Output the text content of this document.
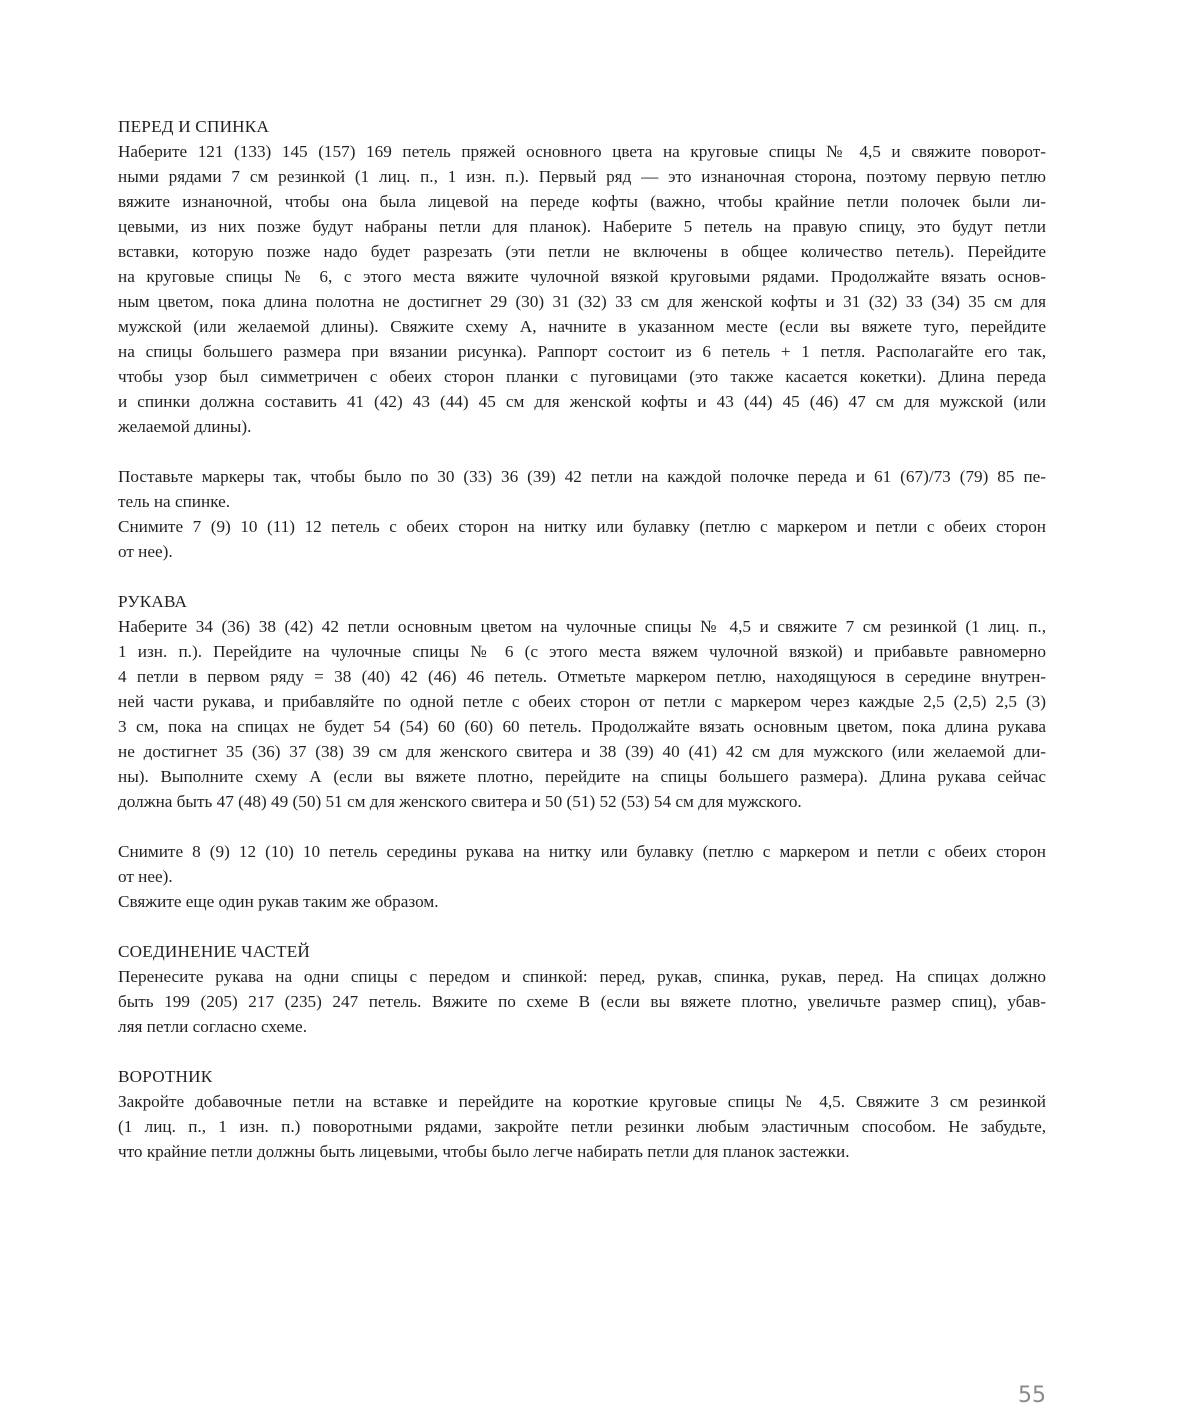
ПЕРЕД И СПИНКА

Наберите 121 (133) 145 (157) 169 петель пряжей основного цвета на круговые спицы № 4,5 и свяжите поворот-
ными рядами 7 см резинкой (1 лиц. п., 1 изн. п.). Первый ряд — это изнаночная сторона, поэтому первую петлю
вяжите изнаночной, чтобы она была лицевой на переде кофты (важно, чтобы крайние петли полочек были ли-
цевыми, из них позже будут набраны петли для планок). Наберите 5 петель на правую спицу, это будут петли
вставки, которую позже надо будет разрезать (эти петли не включены в общее количество петель). Перейдите
на круговые спицы № 6, с этого места вяжите чулочной вязкой круговыми рядами. Продолжайте вязать основ-
ным цветом, пока длина полотна не достигнет 29 (30) 31 (32) 33 см для женской кофты и 31 (32) 33 (34) 35 см для
мужской (или желаемой длины). Свяжите схему А, начните в указанном месте (если вы вяжете туго, перейдите
на спицы большего размера при вязании рисунка). Раппорт состоит из 6 петель + 1 петля. Располагайте его так,
чтобы узор был симметричен с обеих сторон планки с пуговицами (это также касается кокетки). Длина переда
и спинки должна составить 41 (42) 43 (44) 45 см для женской кофты и 43 (44) 45 (46) 47 см для мужской (или
желаемой длины).

Поставьте маркеры так, чтобы было по 30 (33) 36 (39) 42 петли на каждой полочке переда и 61 (67)/73 (79) 85 пе-
тель на спинке.
Снимите 7 (9) 10 (11) 12 петель с обеих сторон на нитку или булавку (петлю с маркером и петли с обеих сторон
от нее).

РУКАВА

Наберите 34 (36) 38 (42) 42 петли основным цветом на чулочные спицы № 4,5 и свяжите 7 см резинкой (1 лиц. п.,
1 изн. п.). Перейдите на чулочные спицы № 6 (с этого места вяжем чулочной вязкой) и прибавьте равномерно
4 петли в первом ряду = 38 (40) 42 (46) 46 петель. Отметьте маркером петлю, находящуюся в середине внутрен-
ней части рукава, и прибавляйте по одной петле с обеих сторон от петли с маркером через каждые 2,5 (2,5) 2,5 (3)
3 см, пока на спицах не будет 54 (54) 60 (60) 60 петель. Продолжайте вязать основным цветом, пока длина рукава
не достигнет 35 (36) 37 (38) 39 см для женского свитера и 38 (39) 40 (41) 42 см для мужского (или желаемой дли-
ны). Выполните схему А (если вы вяжете плотно, перейдите на спицы большего размера). Длина рукава сейчас
должна быть 47 (48) 49 (50) 51 см для женского свитера и 50 (51) 52 (53) 54 см для мужского.

Снимите 8 (9) 12 (10) 10 петель середины рукава на нитку или булавку (петлю с маркером и петли с обеих сторон
от нее).
Свяжите еще один рукав таким же образом.

СОЕДИНЕНИЕ ЧАСТЕЙ

Перенесите рукава на одни спицы с передом и спинкой: перед, рукав, спинка, рукав, перед. На спицах должно
быть 199 (205) 217 (235) 247 петель. Вяжите по схеме В (если вы вяжете плотно, увеличьте размер спиц), убав-
ляя петли согласно схеме.

ВОРОТНИК

Закройте добавочные петли на вставке и перейдите на короткие круговые спицы № 4,5. Свяжите 3 см резинкой
(1 лиц. п., 1 изн. п.) поворотными рядами, закройте петли резинки любым эластичным способом. Не забудьте,
что крайние петли должны быть лицевыми, чтобы было легче набирать петли для планок застежки.

55
